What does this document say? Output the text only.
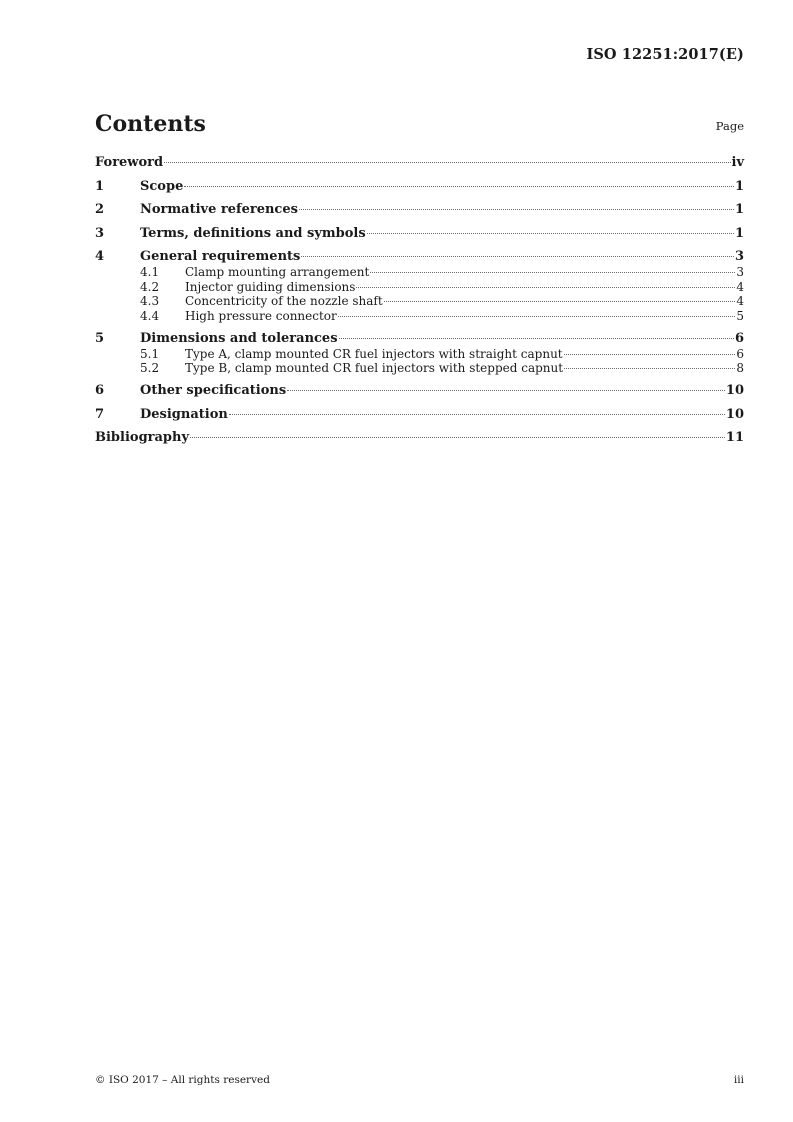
ISO 12251:2017(E)
Contents	Page
Foreword	iv
1	Scope	1
2	Normative references	1
3	Terms, definitions and symbols	1
4	General requirements	3
4.1	Clamp mounting arrangement	3
4.2	Injector guiding dimensions	4
4.3	Concentricity of the nozzle shaft	4
4.4	High pressure connector	5
5	Dimensions and tolerances	6
5.1	Type A, clamp mounted CR fuel injectors with straight capnut	6
5.2	Type B, clamp mounted CR fuel injectors with stepped capnut	8
6	Other specifications	10
7	Designation	10
Bibliography	11
© ISO 2017 – All rights reserved	iii
